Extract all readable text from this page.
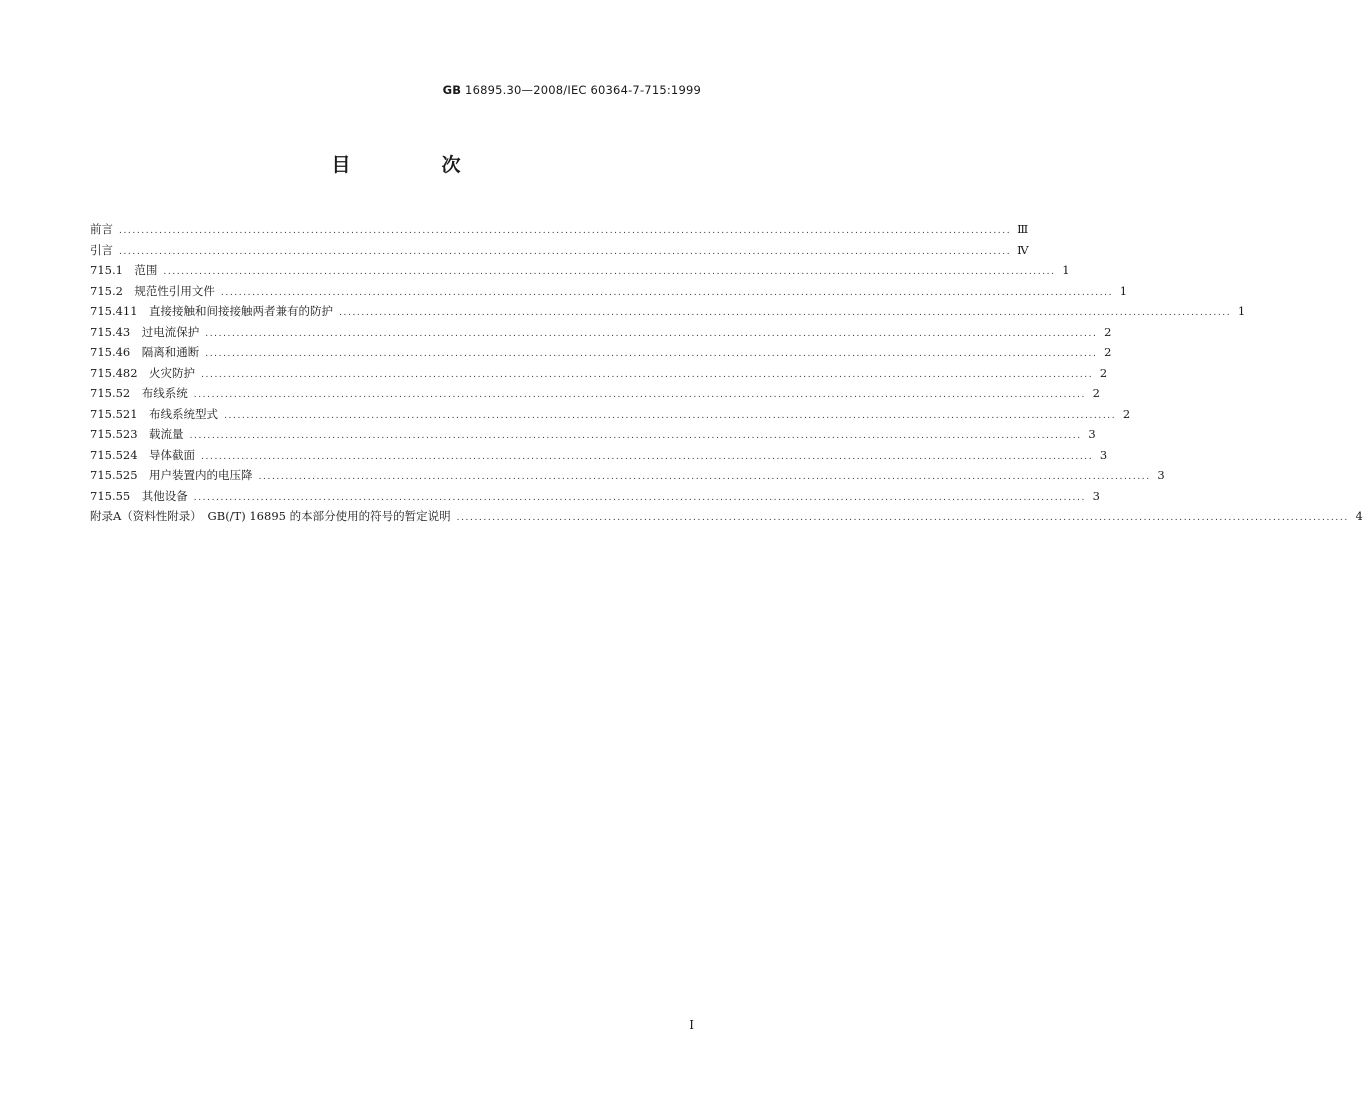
GB 16895.30—2008/IEC 60364-7-715:1999
目　次
前言 ........................................................................................................................................................................................................ Ⅲ
引言 ........................................................................................................................................................................................................ Ⅳ
715.1　范围 ........................................................................................................................................................................................................ 1
715.2　规范性引用文件 ........................................................................................................................................................................................................ 1
715.411　直接接触和间接接触两者兼有的防护 ........................................................................................................................................................................................................ 1
715.43　过电流保护 ........................................................................................................................................................................................................ 2
715.46　隔离和通断 ........................................................................................................................................................................................................ 2
715.482　火灾防护 ........................................................................................................................................................................................................ 2
715.52　布线系统 ........................................................................................................................................................................................................ 2
715.521　布线系统型式 ........................................................................................................................................................................................................ 2
715.523　载流量 ........................................................................................................................................................................................................ 3
715.524　导体截面 ........................................................................................................................................................................................................ 3
715.525　用户装置内的电压降 ........................................................................................................................................................................................................ 3
715.55　其他设备 ........................................................................................................................................................................................................ 3
附录A（资料性附录）　GB(/T) 16895 的本部分使用的符号的暂定说明 ........................................................................................................................................................................................................ 4
I
